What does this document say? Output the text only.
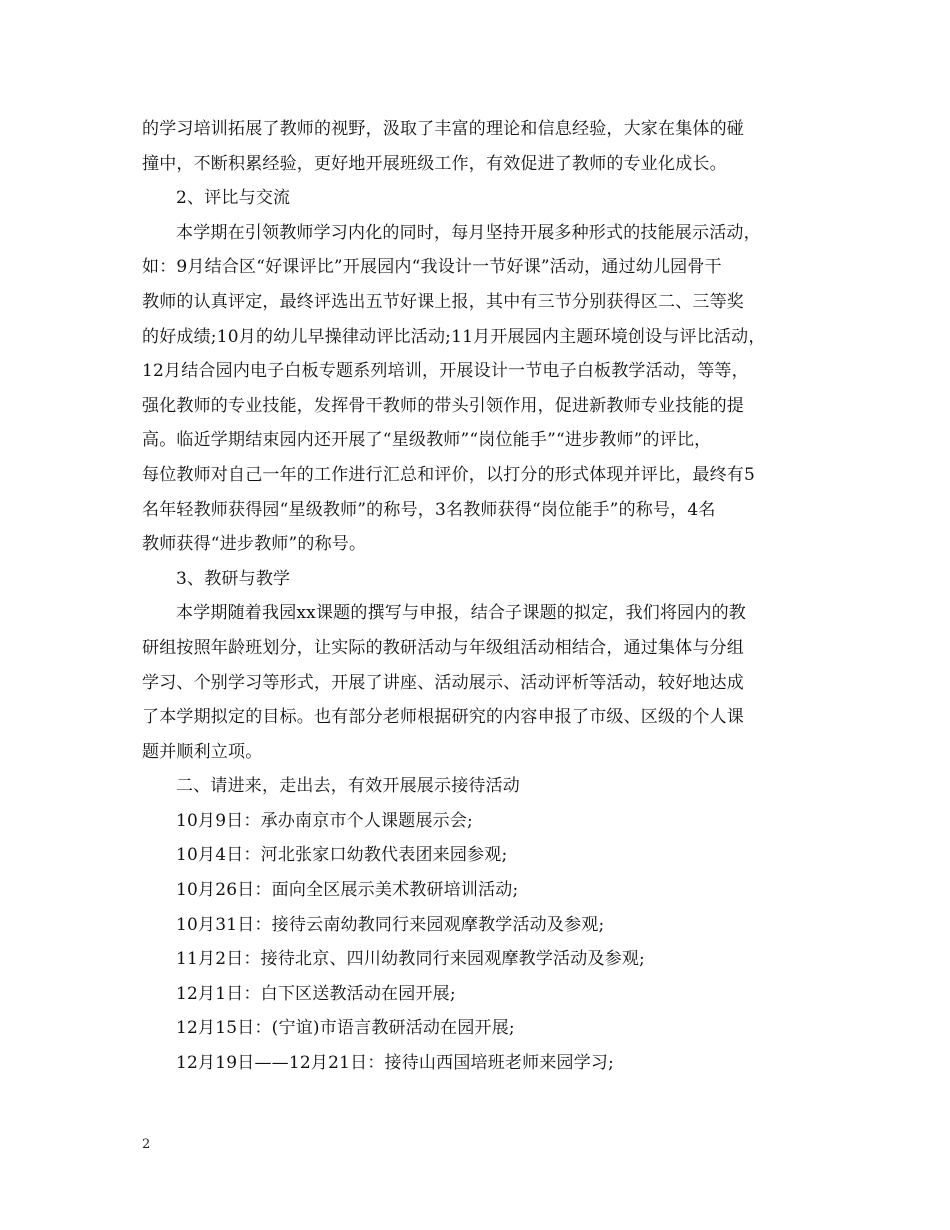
的学习培训拓展了教师的视野，汲取了丰富的理论和信息经验，大家在集体的碰
撞中，不断积累经验，更好地开展班级工作，有效促进了教师的专业化成长。
2、评比与交流
本学期在引领教师学习内化的同时，每月坚持开展多种形式的技能展示活动，
如：9月结合区“好课评比”开展园内“我设计一节好课”活动，通过幼儿园骨干
教师的认真评定，最终评选出五节好课上报，其中有三节分别获得区二、三等奖
的好成绩;10月的幼儿早操律动评比活动;11月开展园内主题环境创设与评比活动，
12月结合园内电子白板专题系列培训，开展设计一节电子白板教学活动，等等，
强化教师的专业技能，发挥骨干教师的带头引领作用，促进新教师专业技能的提
高。临近学期结束园内还开展了“星级教师”“岗位能手”“进步教师”的评比，
每位教师对自己一年的工作进行汇总和评价，以打分的形式体现并评比，最终有5
名年轻教师获得园“星级教师”的称号，3名教师获得“岗位能手”的称号，4名
教师获得“进步教师”的称号。
3、教研与教学
本学期随着我园xx课题的撰写与申报，结合子课题的拟定，我们将园内的教
研组按照年龄班划分，让实际的教研活动与年级组活动相结合，通过集体与分组
学习、个别学习等形式，开展了讲座、活动展示、活动评析等活动，较好地达成
了本学期拟定的目标。也有部分老师根据研究的内容申报了市级、区级的个人课
题并顺利立项。
二、请进来，走出去，有效开展展示接待活动
10月9日：承办南京市个人课题展示会;
10月4日：河北张家口幼教代表团来园参观;
10月26日：面向全区展示美术教研培训活动;
10月31日：接待云南幼教同行来园观摩教学活动及参观;
11月2日：接待北京、四川幼教同行来园观摩教学活动及参观;
12月1日：白下区送教活动在园开展;
12月15日：(宁谊)市语言教研活动在园开展;
12月19日——12月21日：接待山西国培班老师来园学习;
2
